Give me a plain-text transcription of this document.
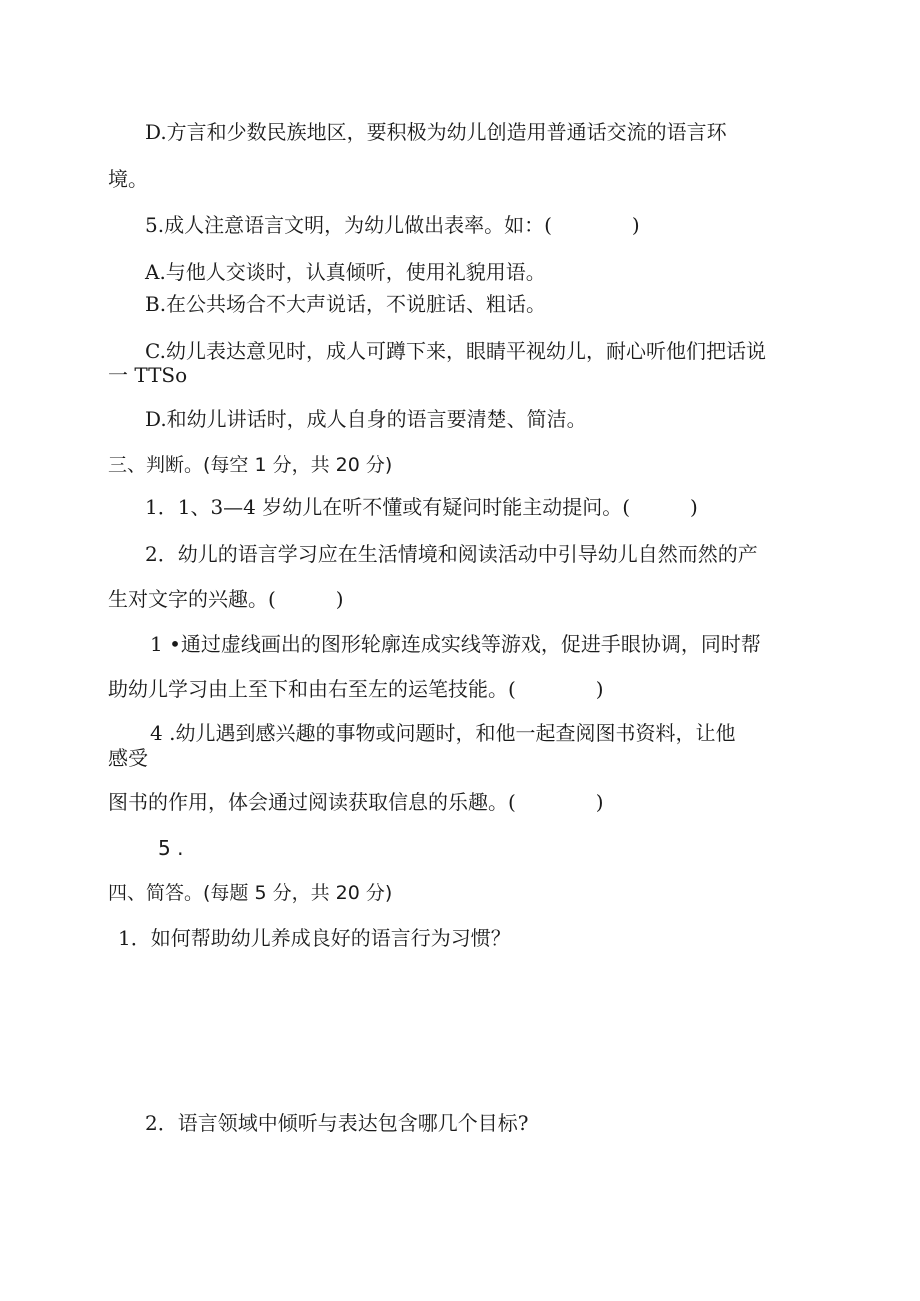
D.方言和少数民族地区，要积极为幼儿创造用普通话交流的语言环
境。
5.成人注意语言文明，为幼儿做出表率。如：(　　　　)
A.与他人交谈时，认真倾听，使用礼貌用语。
B.在公共场合不大声说话，不说脏话、粗话。
C.幼儿表达意见时，成人可蹲下来，眼睛平视幼儿，耐心听他们把话说
一 TTSo
D.和幼儿讲话时，成人自身的语言要清楚、简洁。
三、判断。(每空 1 分，共 20 分)
1．1、3—4 岁幼儿在听不懂或有疑问时能主动提问。(　　　)
2．幼儿的语言学习应在生活情境和阅读活动中引导幼儿自然而然的产
生对文字的兴趣。(　　　)
1 •通过虚线画出的图形轮廓连成实线等游戏，促进手眼协调，同时帮
助幼儿学习由上至下和由右至左的运笔技能。(　　　　)
4 .幼儿遇到感兴趣的事物或问题时，和他一起查阅图书资料，让他
感受
图书的作用，体会通过阅读获取信息的乐趣。(　　　　)
5 .
四、简答。(每题 5 分，共 20 分)
1．如何帮助幼儿养成良好的语言行为习惯？
2．语言领域中倾听与表达包含哪几个目标?
